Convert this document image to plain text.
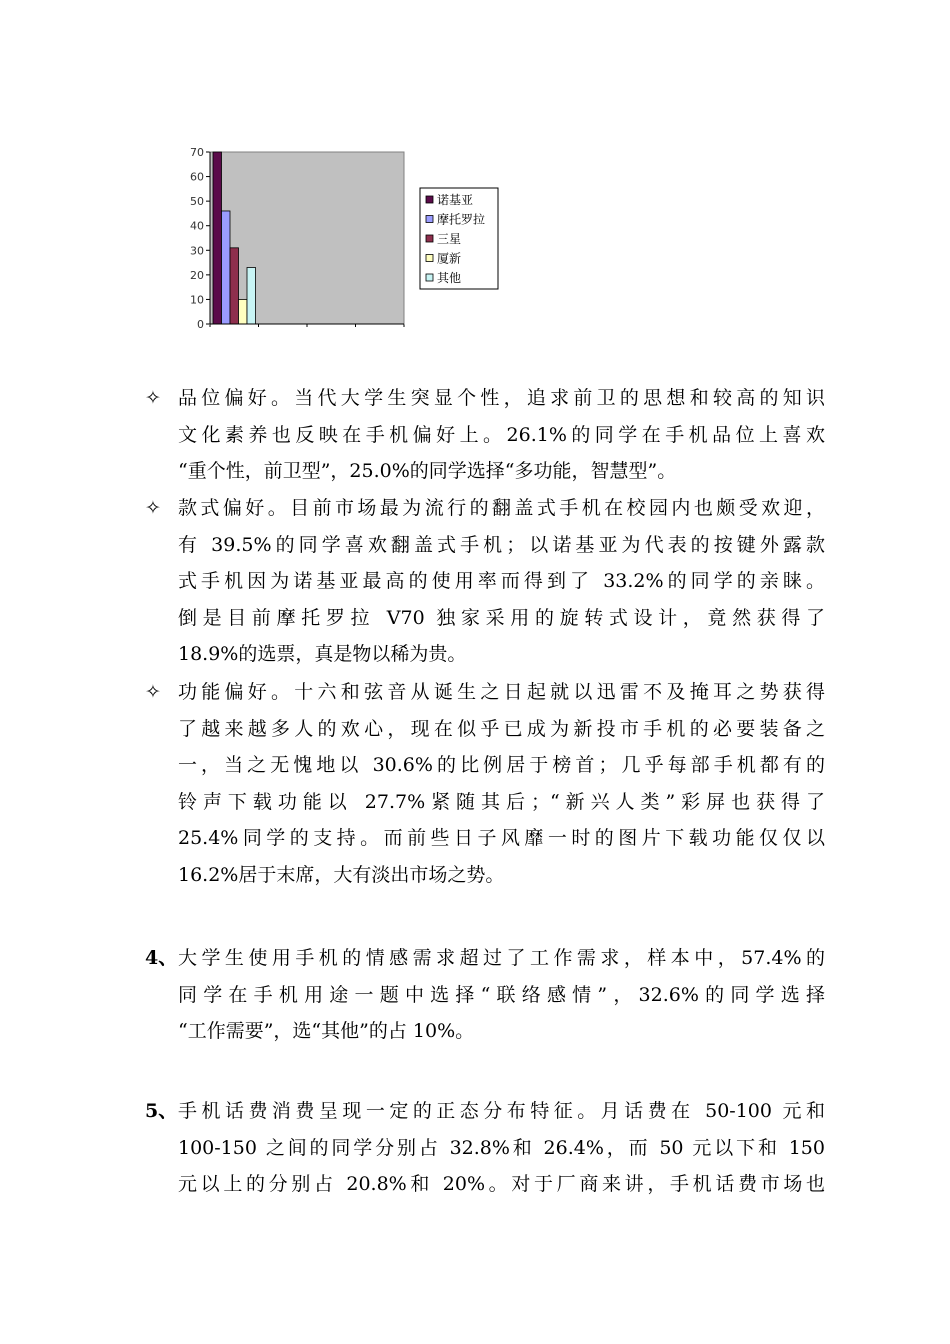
0
10
20
30
40
50
60
70
诺基亚
摩托罗拉
三星
厦新
其他
✧ 品位偏好。当代大学生突显个性，追求前卫的思想和较高的知识
文化素养也反映在手机偏好上。26.1%的同学在手机品位上喜欢
“重个性，前卫型”，25.0%的同学选择“多功能，智慧型”。
✧ 款式偏好。目前市场最为流行的翻盖式手机在校园内也颇受欢迎，
有 39.5%的同学喜欢翻盖式手机；以诺基亚为代表的按键外露款
式手机因为诺基亚最高的使用率而得到了 33.2%的同学的亲睐。
倒是目前摩托罗拉 V70 独家采用的旋转式设计，竟然获得了
18.9%的选票，真是物以稀为贵。
✧ 功能偏好。十六和弦音从诞生之日起就以迅雷不及掩耳之势获得
了越来越多人的欢心，现在似乎已成为新投市手机的必要装备之
一，当之无愧地以 30.6%的比例居于榜首；几乎每部手机都有的
铃声下载功能以 27.7%紧随其后；“新兴人类”彩屏也获得了
25.4%同学的支持。而前些日子风靡一时的图片下载功能仅仅以
16.2%居于末席，大有淡出市场之势。
4、 大学生使用手机的情感需求超过了工作需求，样本中，57.4%的
同学在手机用途一题中选择“联络感情”，32.6%的同学选择
“工作需要”，选“其他”的占 10%。
5、 手机话费消费呈现一定的正态分布特征。月话费在 50-100 元和
100-150 之间的同学分别占 32.8%和 26.4%，而 50 元以下和 150
元以上的分别占 20.8%和 20%。对于厂商来讲，手机话费市场也
